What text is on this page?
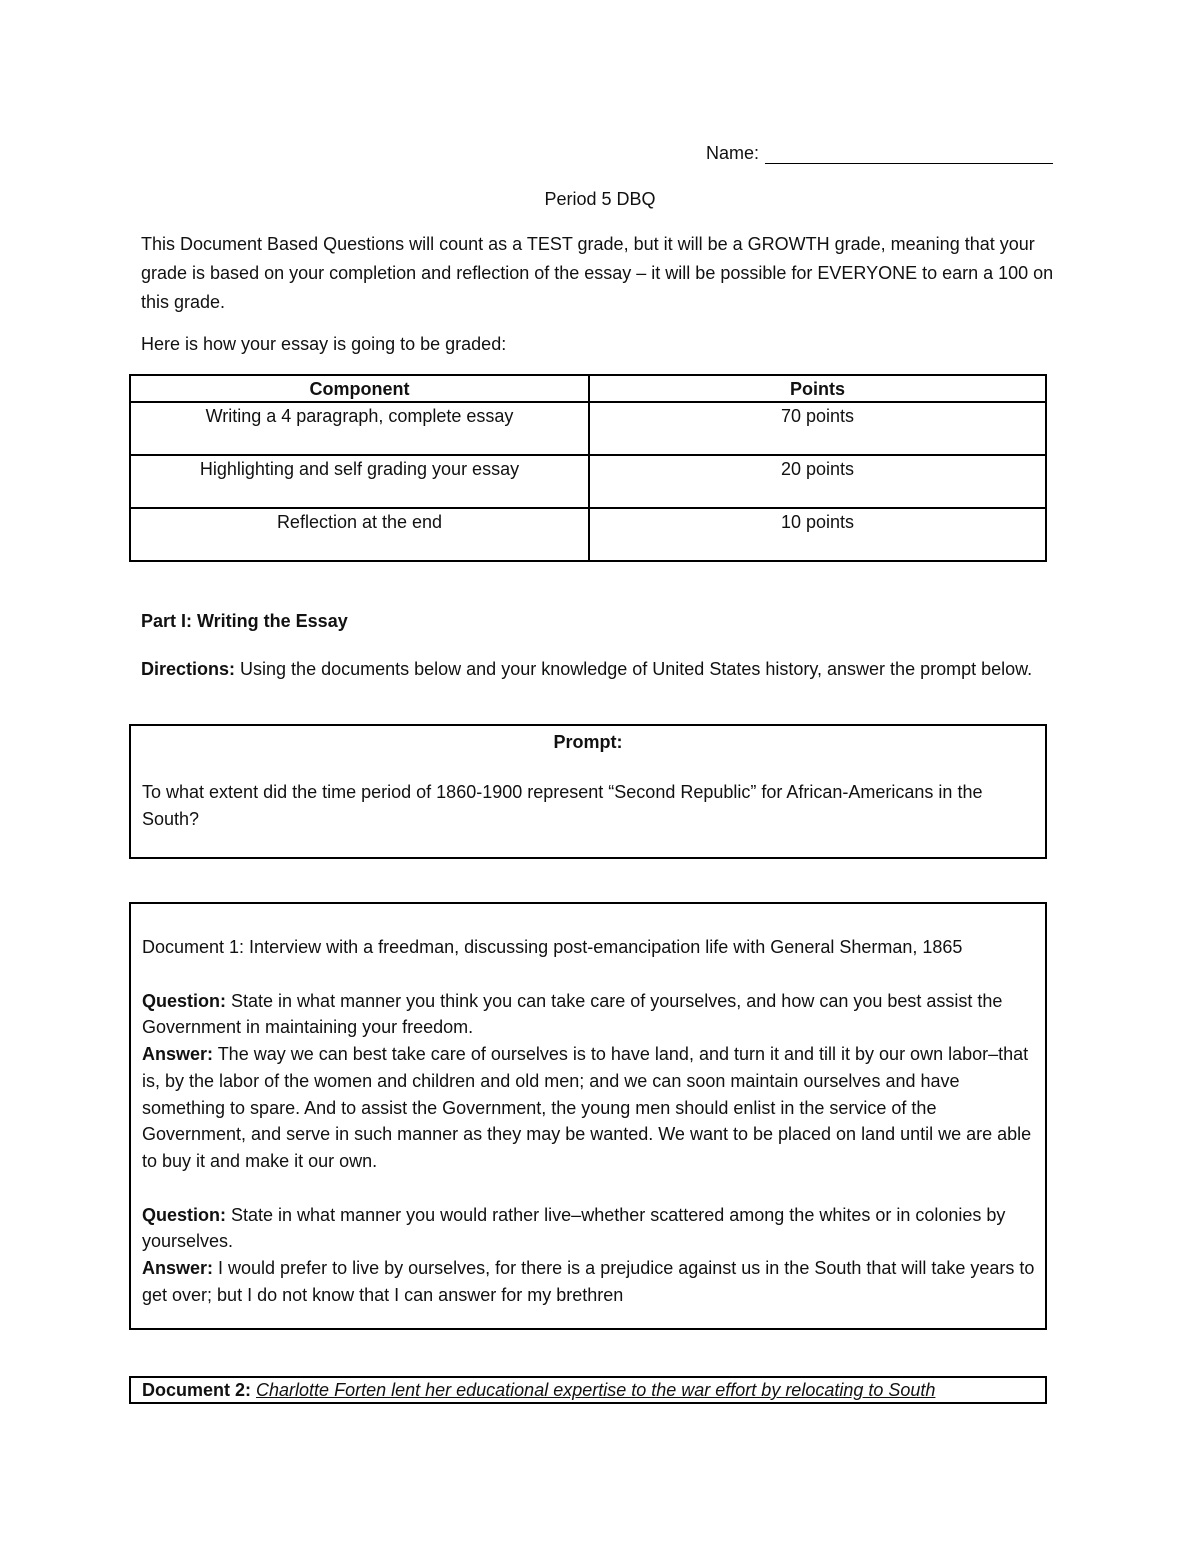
Name:
Period 5 DBQ

This Document Based Questions will count as a TEST grade, but it will be a GROWTH grade, meaning that your grade is based on your completion and reflection of the essay – it will be possible for EVERYONE to earn a 100 on this grade.

Here is how your essay is going to be graded:

Component	Points
Writing a 4 paragraph, complete essay	70 points
Highlighting and self grading your essay	20 points
Reflection at the end	10 points

Part I: Writing the Essay

Directions: Using the documents below and your knowledge of United States history, answer the prompt below.

Prompt:
To what extent did the time period of 1860-1900 represent “Second Republic” for African-Americans in the South?

Document 1: Interview with a freedman, discussing post-emancipation life with General Sherman, 1865

Question: State in what manner you think you can take care of yourselves, and how can you best assist the Government in maintaining your freedom.

Answer: The way we can best take care of ourselves is to have land, and turn it and till it by our own labor–that is, by the labor of the women and children and old men; and we can soon maintain ourselves and have something to spare. And to assist the Government, the young men should enlist in the service of the Government, and serve in such manner as they may be wanted. We want to be placed on land until we are able to buy it and make it our own.

Question: State in what manner you would rather live–whether scattered among the whites or in colonies by yourselves.

Answer: I would prefer to live by ourselves, for there is a prejudice against us in the South that will take years to get over; but I do not know that I can answer for my brethren

Document 2: Charlotte Forten lent her educational expertise to the war effort by relocating to South
